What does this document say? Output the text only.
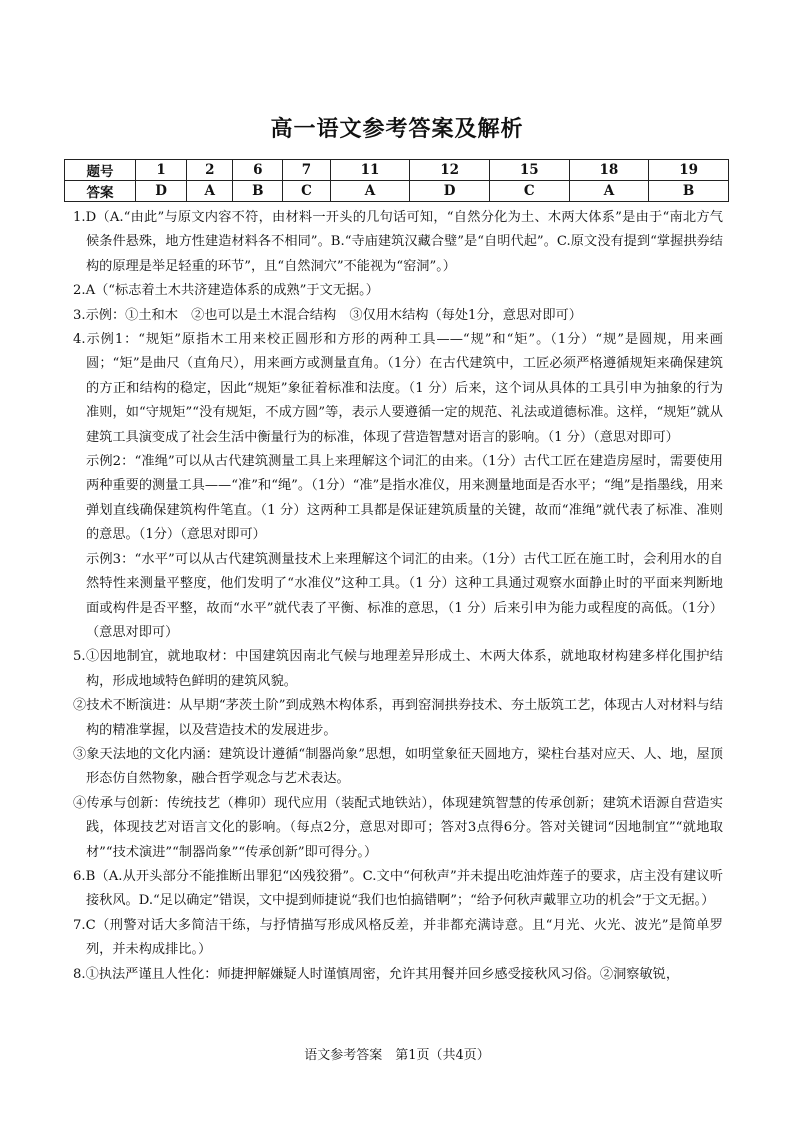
高一语文参考答案及解析
题号	1	2	6	7	11	12	15	18	19
答案	D	A	B	C	A	D	C	A	B

1.D（A.“由此”与原文内容不符，由材料一开头的几句话可知，“自然分化为土、木两大体系”是由于“南北方气候条件悬殊，地方性建造材料各不相同”。B.“寺庙建筑汉藏合璧”是“自明代起”。C.原文没有提到“掌握拱券结构的原理是举足轻重的环节”，且“自然洞穴”不能视为“窑洞”。）

2.A（“标志着土木共济建造体系的成熟”于文无据。）

3.示例：①土和木　②也可以是土木混合结构　③仅用木结构（每处1分，意思对即可）

4.示例1：“规矩”原指木工用来校正圆形和方形的两种工具——“规”和“矩”。（1分）“规”是圆规，用来画圆；“矩”是曲尺（直角尺），用来画方或测量直角。（1分）在古代建筑中，工匠必须严格遵循规矩来确保建筑的方正和结构的稳定，因此“规矩”象征着标准和法度。（1 分）后来，这个词从具体的工具引申为抽象的行为准则，如“守规矩”“没有规矩，不成方圆”等，表示人要遵循一定的规范、礼法或道德标准。这样，“规矩”就从建筑工具演变成了社会生活中衡量行为的标准，体现了营造智慧对语言的影响。（1 分）（意思对即可）

示例2：“准绳”可以从古代建筑测量工具上来理解这个词汇的由来。（1分）古代工匠在建造房屋时，需要使用两种重要的测量工具——“准”和“绳”。（1分）“准”是指水准仪，用来测量地面是否水平；“绳”是指墨线，用来弹划直线确保建筑构件笔直。（1 分）这两种工具都是保证建筑质量的关键，故而“准绳”就代表了标准、准则的意思。（1分）（意思对即可）

示例3：“水平”可以从古代建筑测量技术上来理解这个词汇的由来。（1分）古代工匠在施工时，会利用水的自然特性来测量平整度，他们发明了“水准仪”这种工具。（1 分）这种工具通过观察水面静止时的平面来判断地面或构件是否平整，故而“水平”就代表了平衡、标准的意思，（1 分）后来引申为能力或程度的高低。（1分）（意思对即可）

5.①因地制宜，就地取材：中国建筑因南北气候与地理差异形成土、木两大体系，就地取材构建多样化围护结构，形成地域特色鲜明的建筑风貌。

②技术不断演进：从早期“茅茨土阶”到成熟木构体系，再到窑洞拱券技术、夯土版筑工艺，体现古人对材料与结构的精准掌握，以及营造技术的发展进步。

③象天法地的文化内涵：建筑设计遵循“制器尚象”思想，如明堂象征天圆地方，梁柱台基对应天、人、地，屋顶形态仿自然物象，融合哲学观念与艺术表达。

④传承与创新：传统技艺（榫卯）现代应用（装配式地铁站），体现建筑智慧的传承创新；建筑术语源自营造实践，体现技艺对语言文化的影响。（每点2分，意思对即可；答对3点得6分。答对关键词“因地制宜”“就地取材”“技术演进”“制器尚象”“传承创新”即可得分。）

6.B（A.从开头部分不能推断出罪犯“凶残狡猾”。C.文中“何秋声”并未提出吃油炸莲子的要求，店主没有建议听接秋风。D.“足以确定”错误，文中提到师捷说“我们也怕搞错啊”；“给予何秋声戴罪立功的机会”于文无据。）

7.C（刑警对话大多简洁干练，与抒情描写形成风格反差，并非都充满诗意。且“月光、火光、波光”是简单罗列，并未构成排比。）

8.①执法严谨且人性化：师捷押解嫌疑人时谨慎周密，允许其用餐并回乡感受接秋风习俗。②洞察敏锐，

语文参考答案　第1页（共4页）
